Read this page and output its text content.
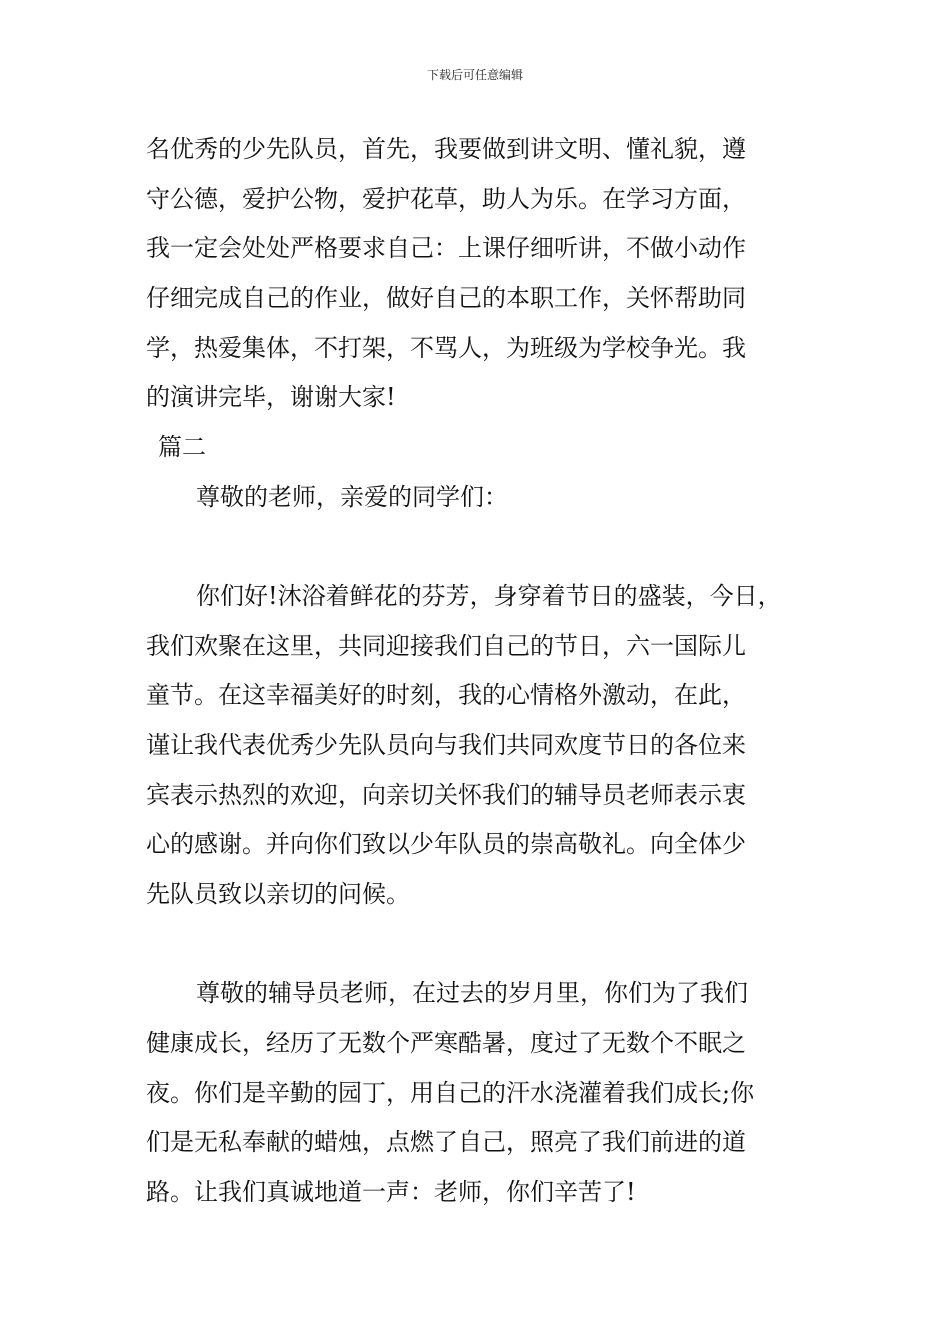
下载后可任意编辑
名优秀的少先队员，首先，我要做到讲文明、懂礼貌，遵
守公德，爱护公物，爱护花草，助人为乐。在学习方面，
我一定会处处严格要求自己：上课仔细听讲，不做小动作
仔细完成自己的作业，做好自己的本职工作，关怀帮助同
学，热爱集体，不打架，不骂人，为班级为学校争光。我
的演讲完毕，谢谢大家!
篇二
尊敬的老师，亲爱的同学们：
你们好!沐浴着鲜花的芬芳，身穿着节日的盛装，今日，
我们欢聚在这里，共同迎接我们自己的节日，六一国际儿
童节。在这幸福美好的时刻，我的心情格外激动，在此，
谨让我代表优秀少先队员向与我们共同欢度节日的各位来
宾表示热烈的欢迎，向亲切关怀我们的辅导员老师表示衷
心的感谢。并向你们致以少年队员的崇高敬礼。向全体少
先队员致以亲切的问候。
尊敬的辅导员老师，在过去的岁月里，你们为了我们
健康成长，经历了无数个严寒酷暑，度过了无数个不眠之
夜。你们是辛勤的园丁，用自己的汗水浇灌着我们成长;你
们是无私奉献的蜡烛，点燃了自己，照亮了我们前进的道
路。让我们真诚地道一声：老师，你们辛苦了!
